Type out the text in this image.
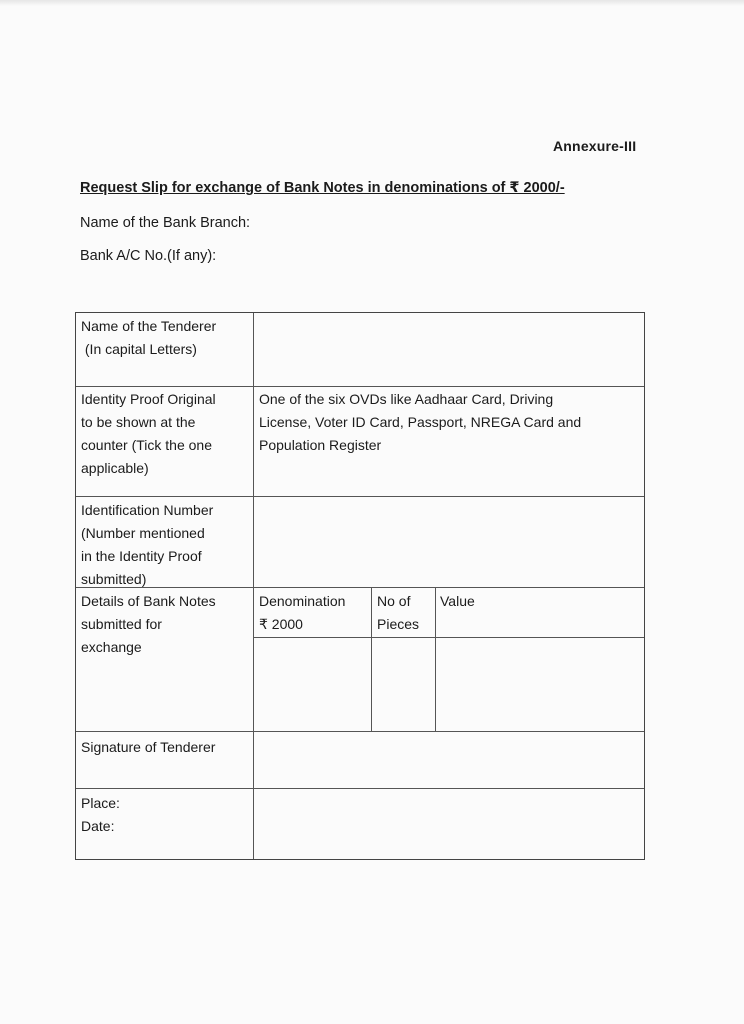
Annexure-III
Request Slip for exchange of Bank Notes in denominations of ₹ 2000/-
Name of the Bank Branch:
Bank A/C No.(If any):
Name of the Tenderer
(In capital Letters)
Identity Proof Original
to be shown at the
counter (Tick the one
applicable)
One of the six OVDs like Aadhaar Card, Driving
License, Voter ID Card, Passport, NREGA Card and
Population Register
Identification Number
(Number mentioned
in the Identity Proof
submitted)
Details of Bank Notes
submitted for
exchange
Denomination
₹ 2000
No of
Pieces
Value
Signature of Tenderer
Place:
Date:
